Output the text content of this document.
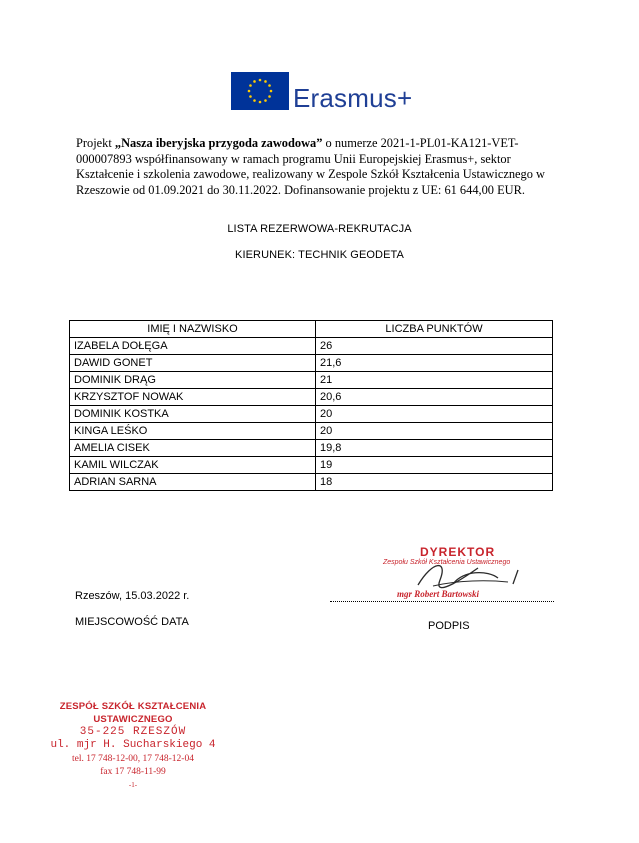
Erasmus+
Projekt „Nasza iberyjska przygoda zawodowa” o numerze 2021-1-PL01-KA121-VET-000007893 współfinansowany w ramach programu Unii Europejskiej Erasmus+, sektor Kształcenie i szkolenia zawodowe, realizowany w Zespole Szkół Kształcenia Ustawicznego w Rzeszowie od 01.09.2021 do 30.11.2022. Dofinansowanie projektu z UE: 61 644,00 EUR.
LISTA REZERWOWA-REKRUTACJA
KIERUNEK: TECHNIK GEODETA
IMIĘ I NAZWISKO	LICZBA PUNKTÓW
IZABELA DOŁĘGA	26
DAWID GONET	21,6
DOMINIK DRĄG	21
KRZYSZTOF NOWAK	20,6
DOMINIK KOSTKA	20
KINGA LEŚKO	20
AMELIA CISEK	19,8
KAMIL WILCZAK	19
ADRIAN SARNA	18
DYREKTOR
Zespołu Szkół Kształcenia Ustawicznego
mgr Robert Bartowski
Rzeszów, 15.03.2022 r.
MIEJSCOWOŚĆ DATA	PODPIS
ZESPÓŁ SZKÓŁ KSZTAŁCENIA USTAWICZNEGO
35-225 RZESZÓW
ul. mjr H. Sucharskiego 4
tel. 17 748-12-00, 17 748-12-04
fax 17 748-11-99
-1-
